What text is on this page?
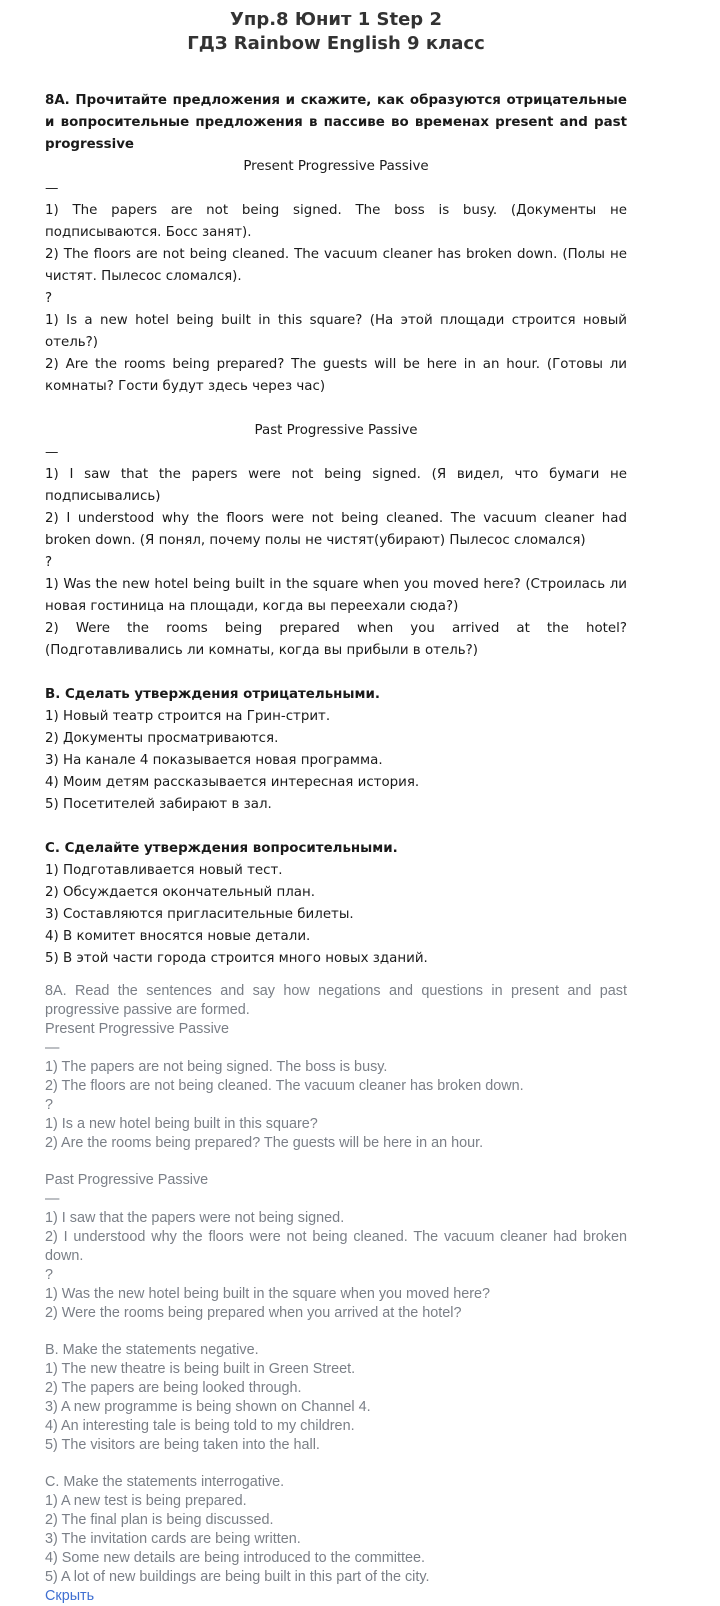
Упр.8 Юнит 1 Step 2
ГДЗ Rainbow English 9 класс
8А. Прочитайте предложения и скажите, как образуются отрицательные и вопросительные предложения в пассиве во временах present and past progressive
Present Progressive Passive
—
1) The papers are not being signed. The boss is busy. (Документы не подписываются. Босс занят).
2) The floors are not being cleaned. The vacuum cleaner has broken down. (Полы не чистят. Пылесос сломался).
?
1) Is a new hotel being built in this square? (На этой площади строится новый отель?)
2) Are the rooms being prepared? The guests will be here in an hour. (Готовы ли комнаты? Гости будут здесь через час)
Past Progressive Passive
—
1) I saw that the papers were not being signed. (Я видел, что бумаги не подписывались)
2) I understood why the floors were not being cleaned. The vacuum cleaner had broken down. (Я понял, почему полы не чистят(убирают) Пылесос сломался)
?
1) Was the new hotel being built in the square when you moved here? (Строилась ли новая гостиница на площади, когда вы переехали сюда?)
2) Were the rooms being prepared when you arrived at the hotel? (Подготавливались ли комнаты, когда вы прибыли в отель?)
В. Сделать утверждения отрицательными.
1) Новый театр строится на Грин-стрит.
2) Документы просматриваются.
3) На канале 4 показывается новая программа.
4) Моим детям рассказывается интересная история.
5) Посетителей забирают в зал.
С. Сделайте утверждения вопросительными.
1) Подготавливается новый тест.
2) Обсуждается окончательный план.
3) Составляются пригласительные билеты.
4) В комитет вносятся новые детали.
5) В этой части города строится много новых зданий.
8A. Read the sentences and say how negations and questions in present and past progressive passive are formed.
Present Progressive Passive
—
1) The papers are not being signed. The boss is busy.
2) The floors are not being cleaned. The vacuum cleaner has broken down.
?
1) Is a new hotel being built in this square?
2) Are the rooms being prepared? The guests will be here in an hour.
Past Progressive Passive
—
1) I saw that the papers were not being signed.
2) I understood why the floors were not being cleaned. The vacuum cleaner had broken down.
?
1) Was the new hotel being built in the square when you moved here?
2) Were the rooms being prepared when you arrived at the hotel?
B. Make the statements negative.
1) The new theatre is being built in Green Street.
2) The papers are being looked through.
3) A new programme is being shown on Channel 4.
4) An interesting tale is being told to my children.
5) The visitors are being taken into the hall.
C. Make the statements interrogative.
1) A new test is being prepared.
2) The final plan is being discussed.
3) The invitation cards are being written.
4) Some new details are being introduced to the committee.
5) A lot of new buildings are being built in this part of the city.
Скрыть
